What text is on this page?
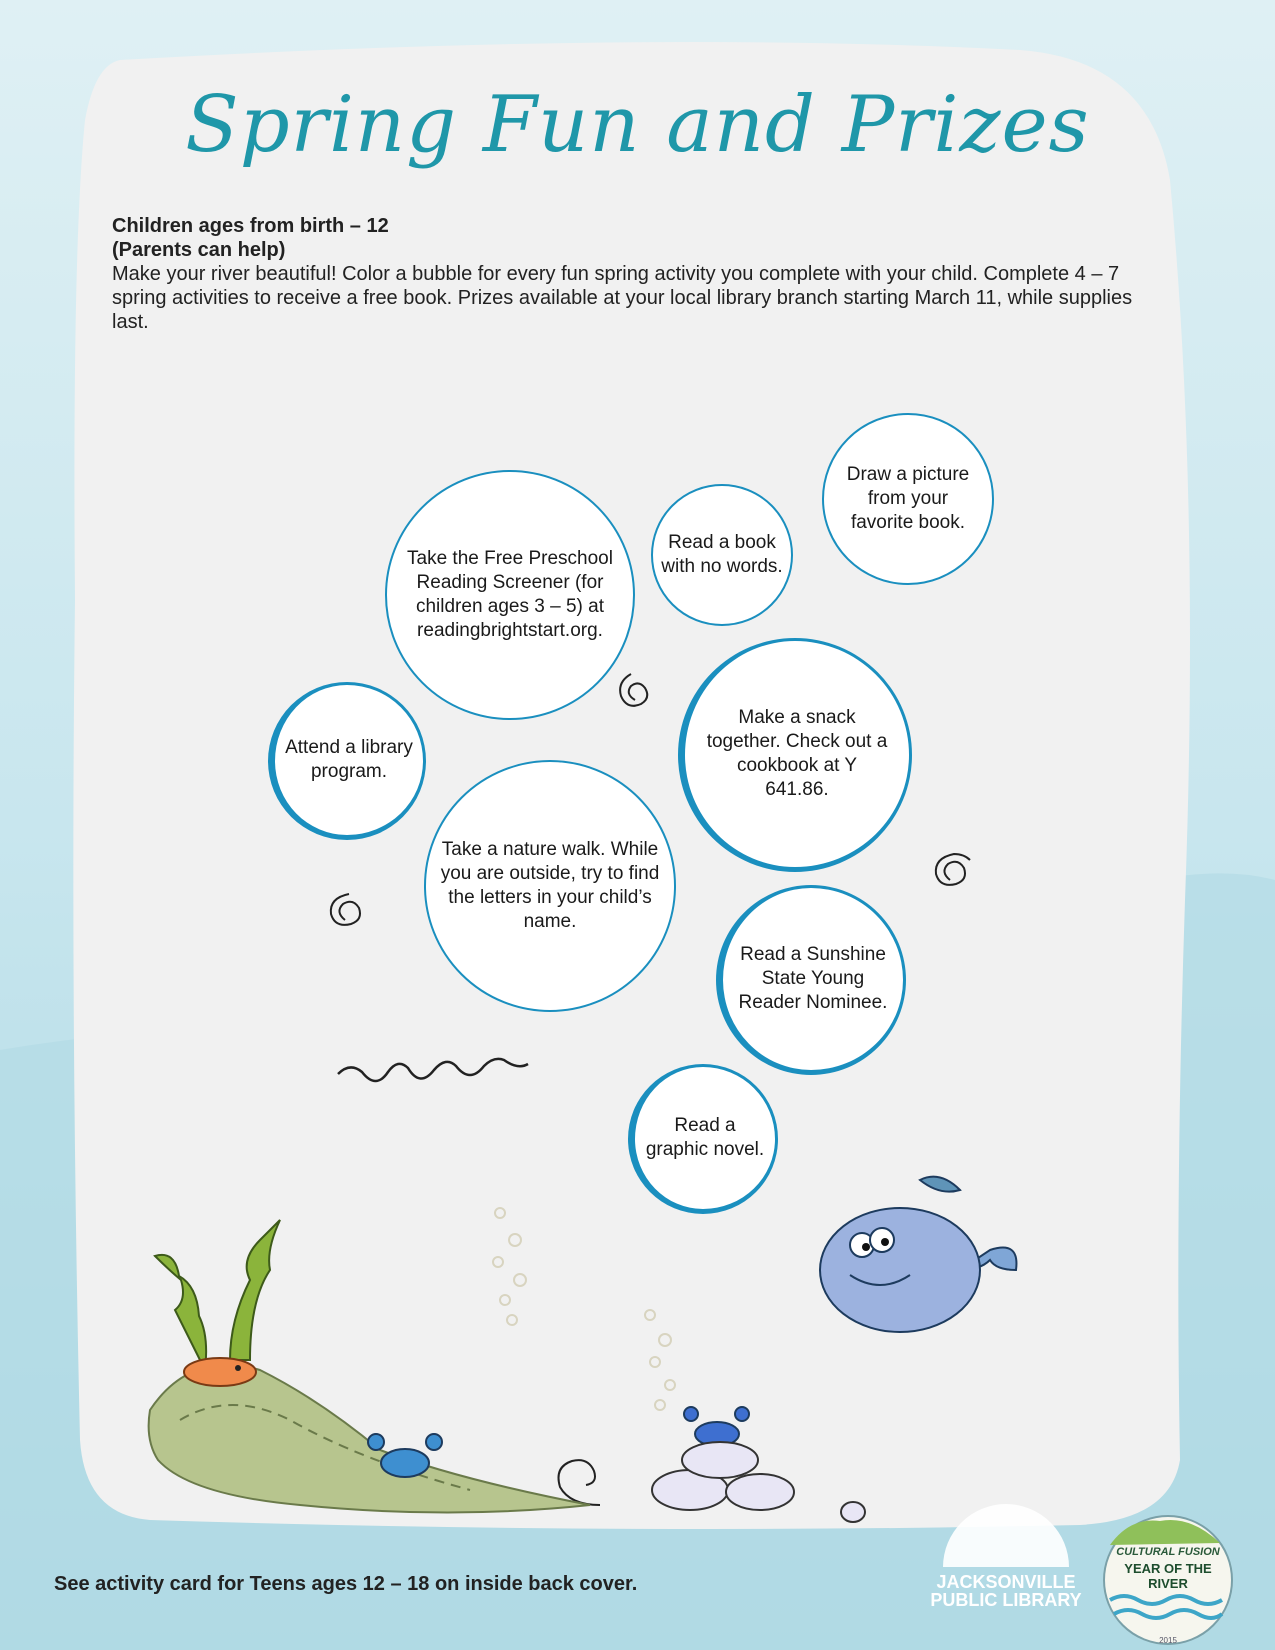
Spring Fun and Prizes
Children ages from birth – 12
(Parents can help)
Make your river beautiful! Color a bubble for every fun spring activity you complete with your child. Complete 4 – 7 spring activities to receive a free book. Prizes available at your local library branch starting March 11, while supplies last.
Take the Free Preschool Reading Screener (for children ages 3 – 5) at readingbrightstart.org.
Read a book with no words.
Draw a picture from your favorite book.
Attend a library program.
Make a snack together. Check out a cookbook at Y 641.86.
Take a nature walk. While you are outside, try to find the letters in your child’s name.
Read a Sunshine State Young Reader Nominee.
Read a graphic novel.
See activity card for Teens ages 12 – 18 on inside back cover.	JACKSONVILLE
PUBLIC LIBRARY
CULTURAL FUSION
YEAR OF THE RIVER
2015
